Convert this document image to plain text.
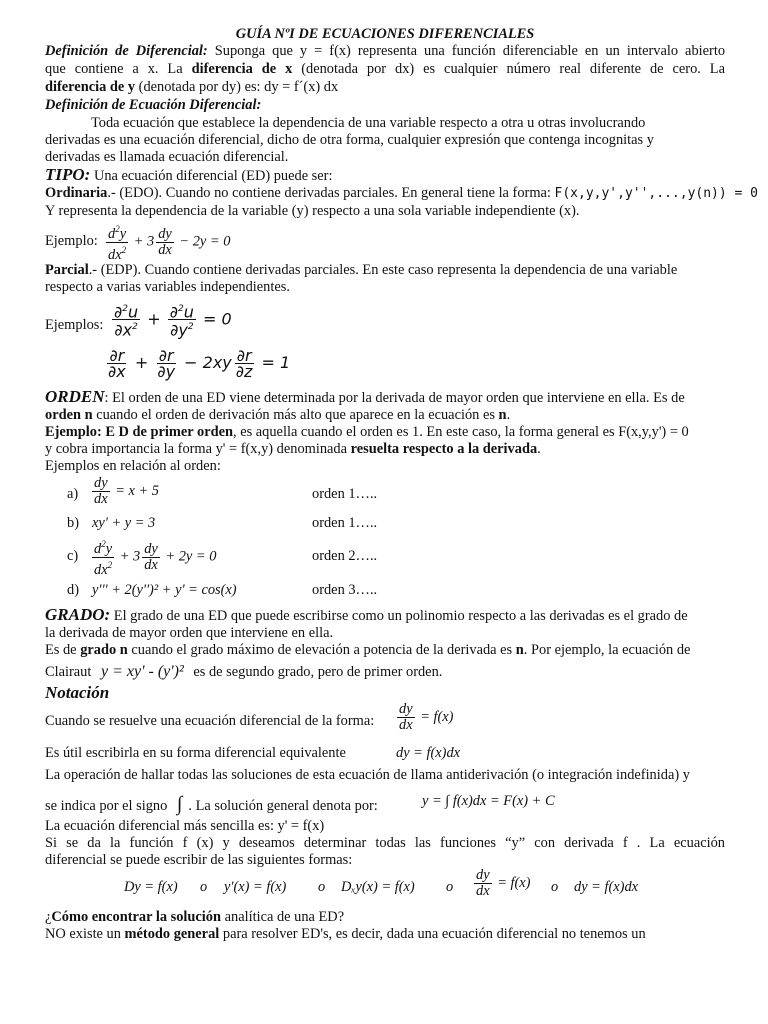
GUÍA NºI DE ECUACIONES DIFERENCIALES
Definición de Diferencial: Suponga que y = f(x) representa una función diferenciable en un intervalo abierto
que contiene a x. La diferencia de x (denotada por dx) es cualquier número real diferente de cero. La
diferencia de y (denotada por dy) es: dy = f´(x) dx
Definición de Ecuación Diferencial:
Toda ecuación que establece la dependencia de una variable respecto a otra u otras involucrando
derivadas es una ecuación diferencial, dicho de otra forma, cualquier expresión que contenga incognitas y
derivadas es llamada ecuación diferencial.
TIPO: Una ecuación diferencial (ED) puede ser:
Ordinaria.- (EDO). Cuando no contiene derivadas parciales. En general tiene la forma: F(x,y,y',y'',...,y(n)) = 0
Y representa la dependencia de la variable (y) respecto a una sola variable independiente (x).
Ejemplo: $\frac{d^2y}{dx^2} + 3 \frac{dy}{dx} - 2y = 0$
Parcial.- (EDP). Cuando contiene derivadas parciales. En este caso representa la dependencia de una variable
respecto a varias variables independientes.
Ejemplos: $\frac{\partial^2u}{\partial x^2} + \frac{\partial^2u}{\partial y^2} = 0$
$\frac{\partial r}{\partial x} + \frac{\partial r}{\partial y} - 2xy \frac{\partial r}{\partial z} = 1$
ORDEN: El orden de una ED viene determinada por la derivada de mayor orden que interviene en ella. Es de
orden n cuando el orden de derivación más alto que aparece en la ecuación es n.
Ejemplo: E D de primer orden, es aquella cuando el orden es 1. En este caso, la forma general es F(x,y,y') = 0
y cobra importancia la forma y' = f(x,y) denominada resuelta respecto a la derivada.
Ejemplos en relación al orden:
$a) \frac{dy}{dx} = x + 5$	orden 1…..
b) xy' + y = 3	orden 1…..
$c) \frac{d^2y}{dx^2} + 3 \frac{dy}{dx} + 2y = 0$	orden 2…..
d) y''' + 2(y'')² + y' = cos(x)	orden 3…..
GRADO: El grado de una ED que puede escribirse como un polinomio respecto a las derivadas es el grado de
la derivada de mayor orden que interviene en ella.
Es de grado n cuando el grado máximo de elevación a potencia de la derivada es n. Por ejemplo, la ecuación de
Clairaut y = xy' - (y')² es de segundo grado, pero de primer orden.
Notación
Cuando se resuelve una ecuación diferencial de la forma: $\frac{dy}{dx} = f(x)$
Es útil escribirla en su forma diferencial equivalente	dy = f(x)dx
La operación de hallar todas las soluciones de esta ecuación de llama antiderivación (o integración indefinida) y
se indica por el signo ∫ . La solución general denota por:	y = ∫ f(x)dx = F(x) + C
La ecuación diferencial más sencilla es: y' = f(x)
Si se da la función f (x) y deseamos determinar todas las funciones “y” con derivada f . La ecuación
diferencial se puede escribir de las siguientes formas:
Dy = f(x) o y'(x) = f(x) o Dₓy(x) = f(x) o $\frac{dy}{dx} = f(x)$ o dy = f(x)dx
¿Cómo encontrar la solución analítica de una ED?
NO existe un método general para resolver ED's, es decir, dada una ecuación diferencial no tenemos un
